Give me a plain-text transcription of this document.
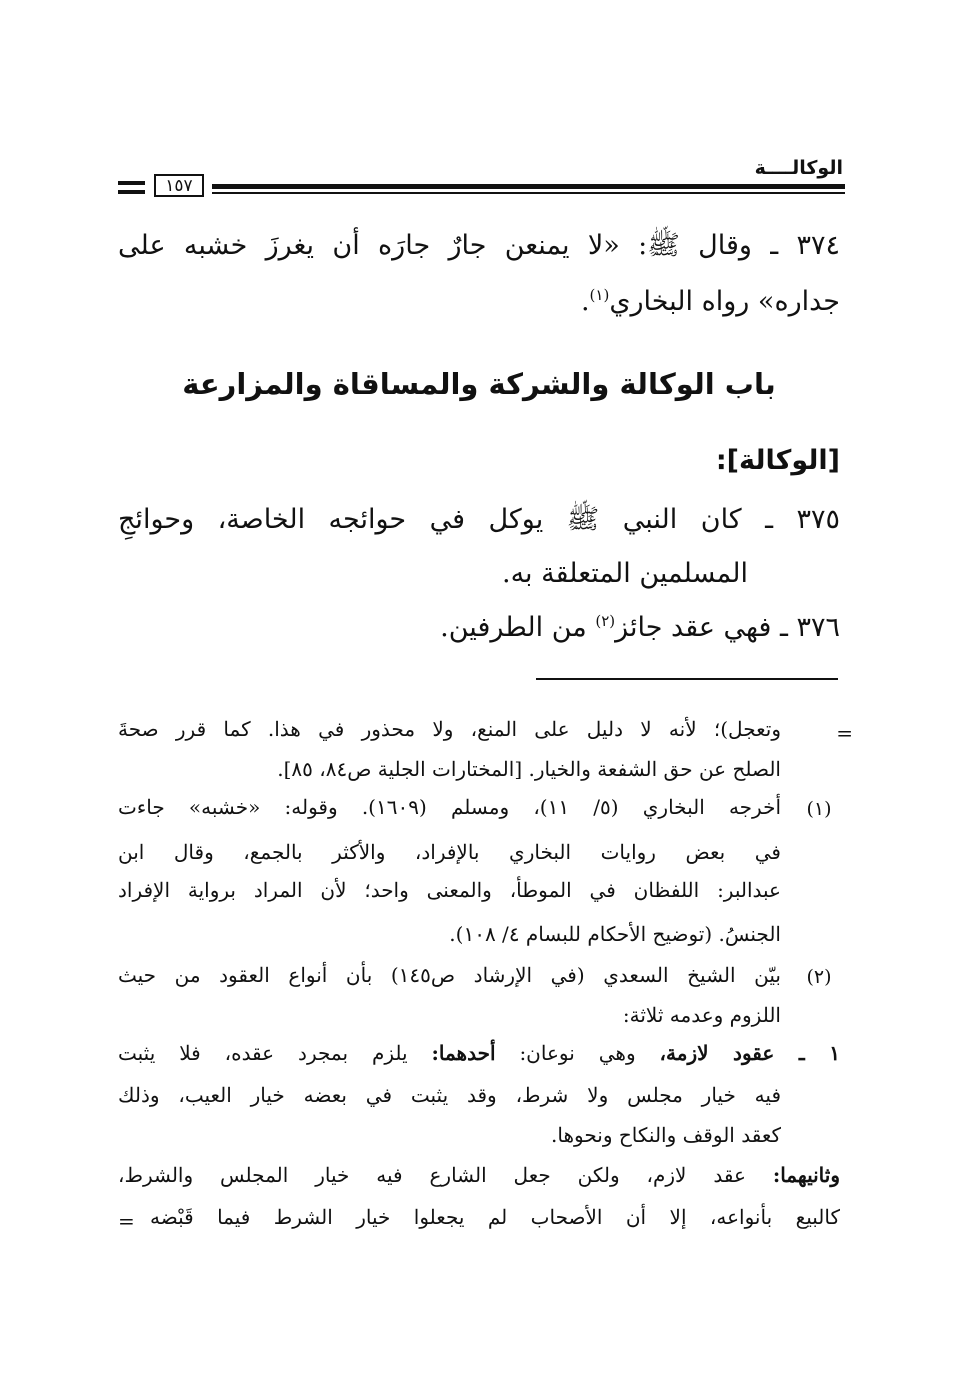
الوكالــــة
١٥٧
٣٧٤ ـ وقال ﷺ: «لا يمنعن جارٌ جارَه أن يغرزَ خشبه على
جداره» رواه البخاري$^{(١)}$.
باب الوكالة والشركة والمساقاة والمزارعة
[الوكالة]:
٣٧٥ ـ كان النبي ﷺ يوكل في حوائجه الخاصة، وحوائجِ
المسلمين المتعلقة به.
٣٧٦ ـ فهي عقد جائز$^{(٢)}$ من الطرفين.
=
وتعجل)؛ لأنه لا دليل على المنع، ولا محذور في هذا. كما قرر صحةَ
الصلح عن حق الشفعة والخيار. [المختارات الجلية ص٨٤، ٨٥].
(١)
أخرجه البخاري (٥/ ١١)، ومسلم (١٦٠٩). وقوله: «خشبه» جاءت
في بعض روايات البخاري بالإفراد، والأكثر بالجمع، وقال ابن
عبدالبر: اللفظان في الموطأ، والمعنى واحد؛ لأن المراد برواية الإفراد
الجنسُ. (توضيح الأحكام للبسام ٤/ ١٠٨).
(٢)
بيّن الشيخ السعدي (في الإرشاد ص١٤٥) بأن أنواع العقود من حيث
اللزوم وعدمه ثلاثة:
١ ـ عقود لازمة، وهي نوعان: أحدهما: يلزم بمجرد عقده، فلا يثبت
فيه خيار مجلس ولا شرط، وقد يثبت في بعضه خيار العيب، وذلك
كعقد الوقف والنكاح ونحوها.
وثانيهما: عقد لازم، ولكن جعل الشارع فيه خيار المجلس والشرط،
كالبيع بأنواعه، إلا أن الأصحاب لم يجعلوا خيار الشرط فيما قَبْضه
=
